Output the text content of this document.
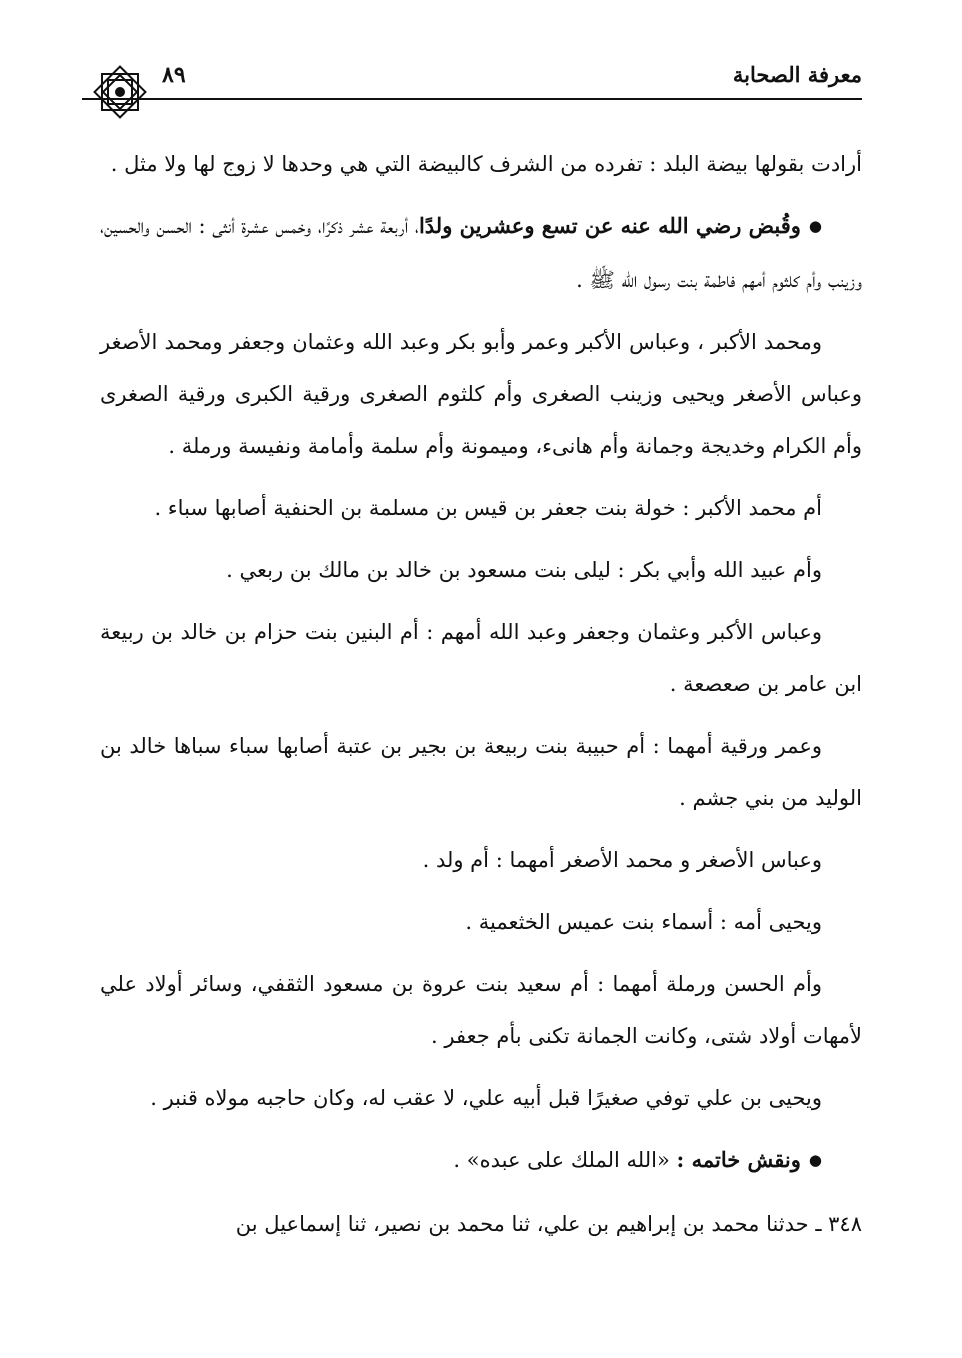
معرفة الصحابة
٨٩

أرادت بقولها بيضة البلد : تفرده من الشرف كالبيضة التي هي وحدها لا زوج لها ولا مثل .

● وقُبض رضي الله عنه عن تسع وعشرين ولدًا، أربعة عشر ذكرًا، وخمس عشرة أنثى : الحسن والحسين، وزينب وأم كلثوم أمهم فاطمة بنت رسول الله ﷺ .

ومحمد الأكبر ، وعباس الأكبر وعمر وأبو بكر وعبد الله وعثمان وجعفر ومحمد الأصغر وعباس الأصغر ويحيى وزينب الصغرى وأم كلثوم الصغرى ورقية الكبرى ورقية الصغرى وأم الكرام وخديجة وجمانة وأم هانىء، وميمونة وأم سلمة وأمامة ونفيسة ورملة .

أم محمد الأكبر : خولة بنت جعفر بن قيس بن مسلمة بن الحنفية أصابها سباء .

وأم عبيد الله وأبي بكر : ليلى بنت مسعود بن خالد بن مالك بن ربعي .

وعباس الأكبر وعثمان وجعفر وعبد الله أمهم : أم البنين بنت حزام بن خالد بن ربيعة ابن عامر بن صعصعة .

وعمر ورقية أمهما : أم حبيبة بنت ربيعة بن بجير بن عتبة أصابها سباء سباها خالد بن الوليد من بني جشم .

وعباس الأصغر و محمد الأصغر أمهما : أم ولد .

ويحيى أمه : أسماء بنت عميس الخثعمية .

وأم الحسن ورملة أمهما : أم سعيد بنت عروة بن مسعود الثقفي، وسائر أولاد علي لأمهات أولاد شتى، وكانت الجمانة تكنى بأم جعفر .

ويحيى بن علي توفي صغيرًا قبل أبيه علي، لا عقب له، وكان حاجبه مولاه قنبر .

● ونقش خاتمه : «الله الملك على عبده» .

٣٤٨ ـ حدثنا محمد بن إبراهيم بن علي، ثنا محمد بن نصير، ثنا إسماعيل بن
